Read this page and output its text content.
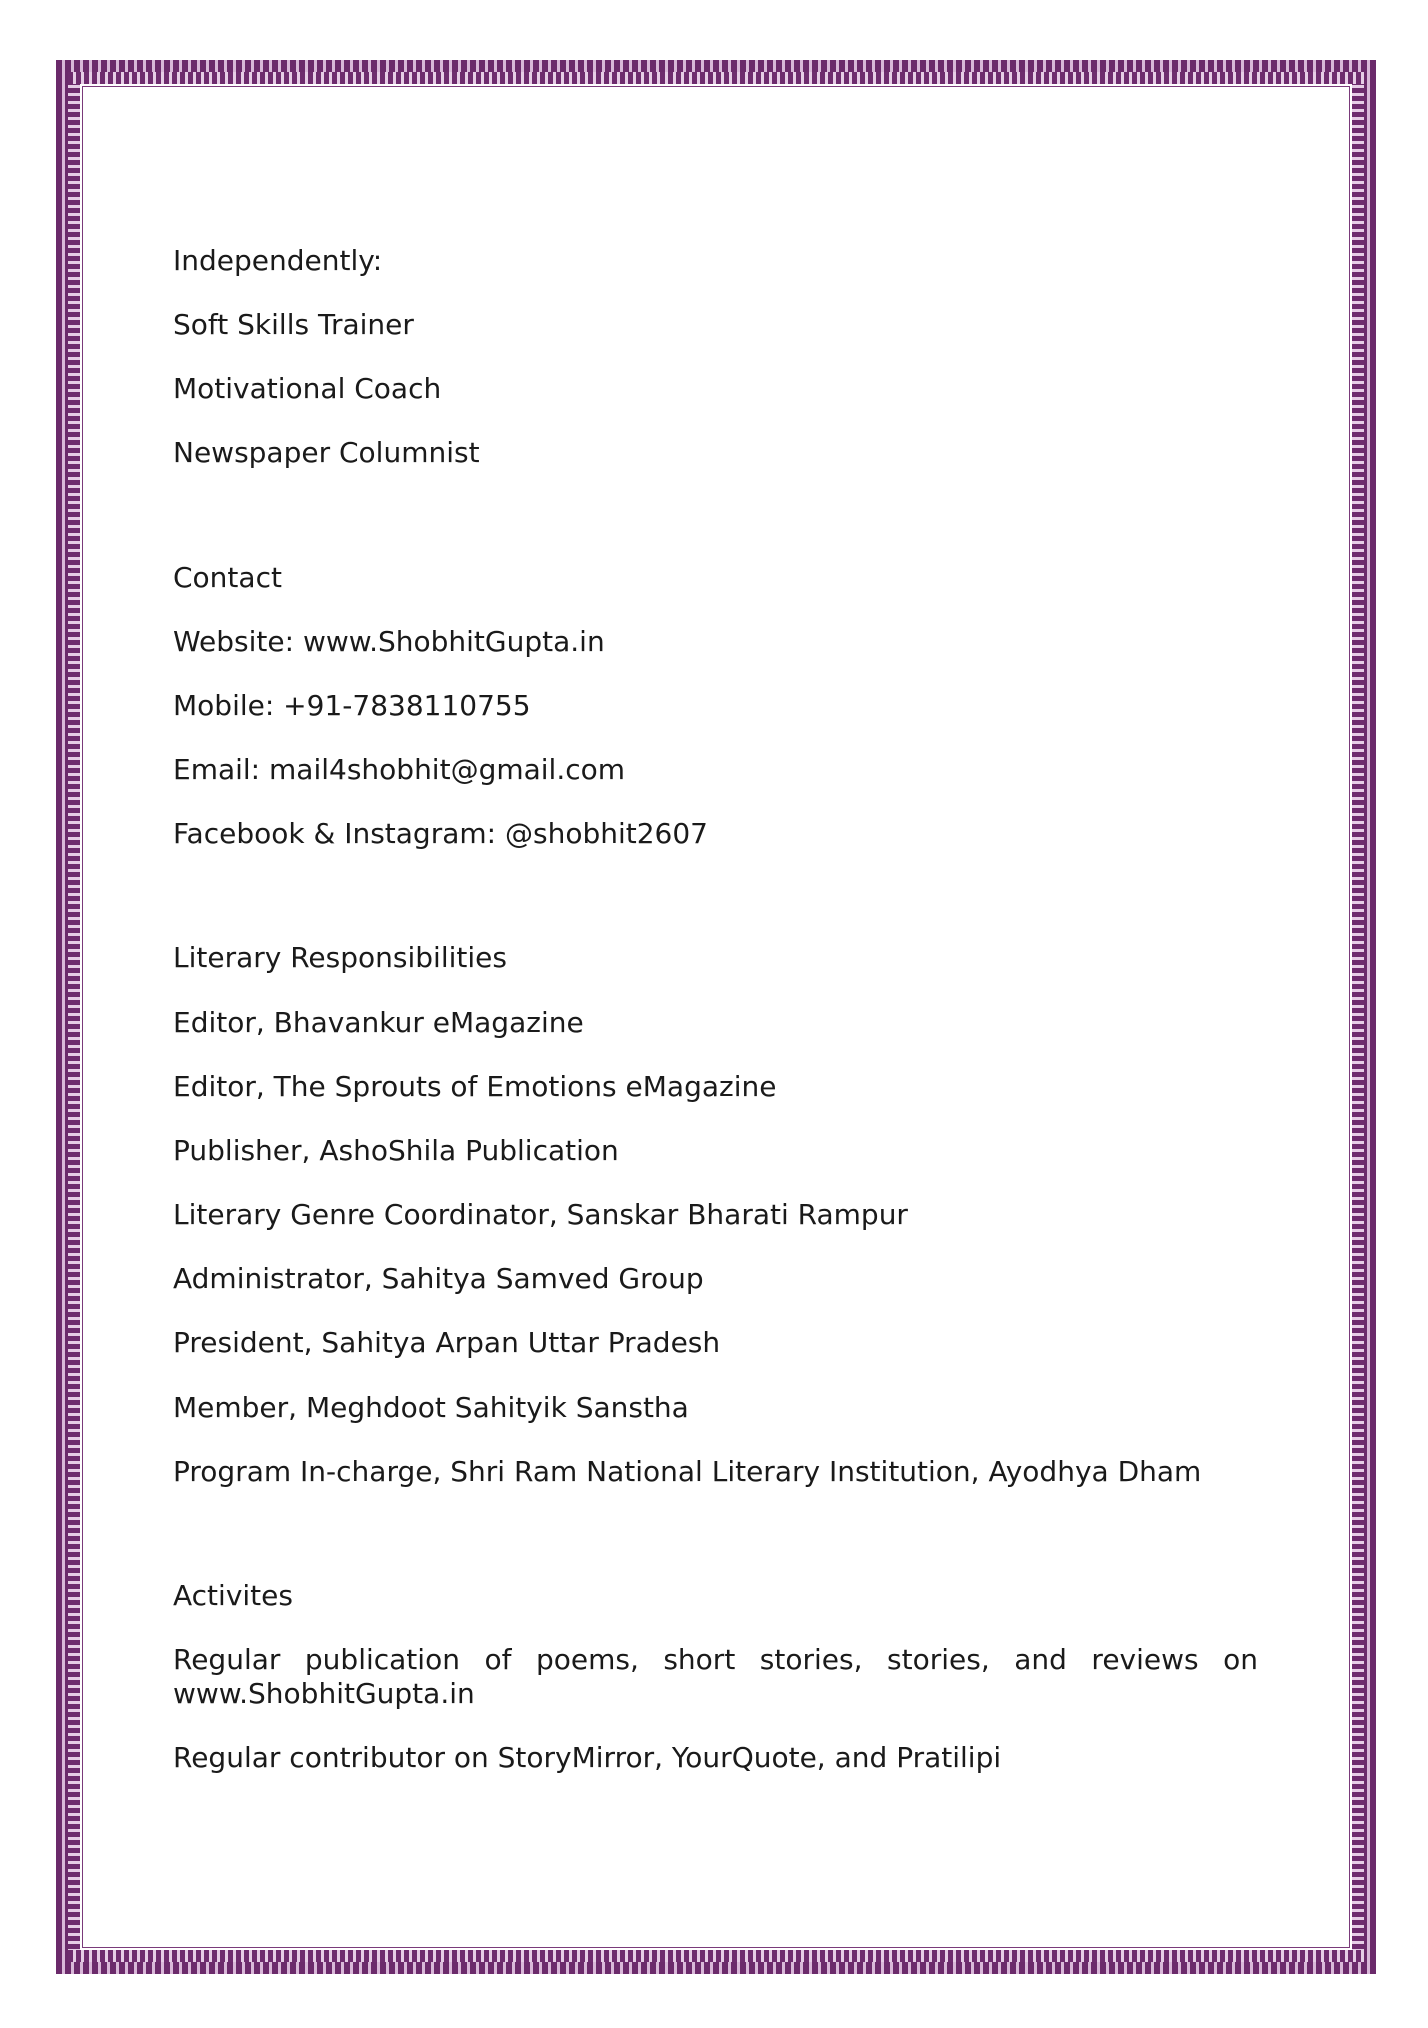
Independently:

Soft Skills Trainer

Motivational Coach

Newspaper Columnist

Contact

Website: www.ShobhitGupta.in

Mobile: +91-7838110755

Email: mail4shobhit@gmail.com

Facebook & Instagram: @shobhit2607

Literary Responsibilities

Editor, Bhavankur eMagazine

Editor, The Sprouts of Emotions eMagazine

Publisher, AshoShila Publication

Literary Genre Coordinator, Sanskar Bharati Rampur

Administrator, Sahitya Samved Group

President, Sahitya Arpan Uttar Pradesh

Member, Meghdoot Sahityik Sanstha

Program In-charge, Shri Ram National Literary Institution, Ayodhya Dham

Activites

Regular publication of poems, short stories, stories, and reviews on www.ShobhitGupta.in

Regular contributor on StoryMirror, YourQuote, and Pratilipi
